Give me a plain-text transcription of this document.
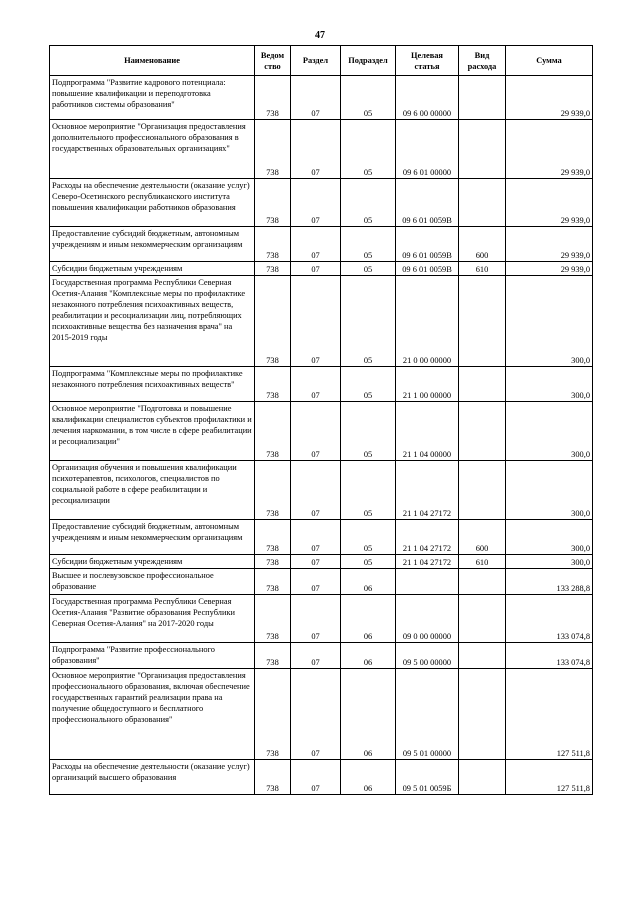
47
Наименование	Ведом ство	Раздел	Подраздел	Целевая статья	Вид расхода	Сумма
Подпрограмма "Развитие кадрового потенциала: повышение квалификации и переподготовка работников системы образования"	738	07	05	09 6 00 00000		29 939,0
Основное мероприятие "Организация предоставления дополнительного профессионального образования в государственных образовательных организациях"	738	07	05	09 6 01 00000		29 939,0
Расходы на обеспечение деятельности (оказание услуг) Северо-Осетинского республиканского института повышения квалификации работников образования	738	07	05	09 6 01 0059В		29 939,0
Предоставление субсидий бюджетным, автономным учреждениям и иным некоммерческим организациям	738	07	05	09 6 01 0059В	600	29 939,0
Субсидии бюджетным учреждениям	738	07	05	09 6 01 0059В	610	29 939,0
Государственная программа Республики Северная Осетия-Алания "Комплексные меры по профилактике незаконного потребления психоактивных веществ, реабилитации и ресоциализации лиц, потребляющих психоактивные вещества без назначения врача" на 2015-2019 годы	738	07	05	21 0 00 00000		300,0
Подпрограмма "Комплексные меры по профилактике незаконного потребления психоактивных веществ"	738	07	05	21 1 00 00000		300,0
Основное мероприятие "Подготовка и повышение квалификации специалистов субъектов профилактики и лечения наркомании, в том числе в сфере реабилитации и ресоциализации"	738	07	05	21 1 04 00000		300,0
Организация обучения и повышения квалификации психотерапевтов, психологов, специалистов по социальной работе в сфере реабилитации и ресоциализации	738	07	05	21 1 04 27172		300,0
Предоставление субсидий бюджетным, автономным учреждениям и иным некоммерческим организациям	738	07	05	21 1 04 27172	600	300,0
Субсидии бюджетным учреждениям	738	07	05	21 1 04 27172	610	300,0
Высшее и послевузовское профессиональное образование	738	07	06			133 288,8
Государственная программа Республики Северная Осетия-Алания "Развитие образования Республики Северная Осетия-Алания" на 2017-2020 годы	738	07	06	09 0 00 00000		133 074,8
Подпрограмма "Развитие профессионального образования"	738	07	06	09 5 00 00000		133 074,8
Основное мероприятие "Организация предоставления профессионального образования, включая обеспечение государственных гарантий реализации права на получение общедоступного и бесплатного профессионального образования"	738	07	06	09 5 01 00000		127 511,8
Расходы на обеспечение деятельности (оказание услуг) организаций высшего образования	738	07	06	09 5 01 0059Б		127 511,8
